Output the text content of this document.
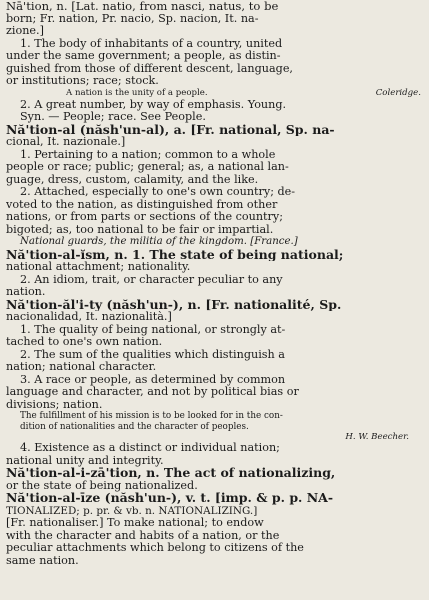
Nā'tion, n. [Lat. natio, from nasci, natus, to be
born; Fr. nation, Pr. nacio, Sp. nacion, It. na-
zione.]
1. The body of inhabitants of a country, united
under the same government; a people, as distin-
guished from those of different descent, language,
or institutions; race; stock.
A nation is the unity of a people.	Coleridge.
2. A great number, by way of emphasis. Young.
Syn. — People; race. See People.
Nă'tion-al (năsh'un-al), a. [Fr. national, Sp. na-
cional, It. nazionale.]
1. Pertaining to a nation; common to a whole
people or race; public; general; as, a national lan-
guage, dress, custom, calamity, and the like.
2. Attached, especially to one's own country; de-
voted to the nation, as distinguished from other
nations, or from parts or sections of the country;
bigoted; as, too national to be fair or impartial.
National guards, the militia of the kingdom. [France.]
Nă'tion-al-ĭsm, n. 1. The state of being national;
national attachment; nationality.
2. An idiom, trait, or character peculiar to any
nation.
Nă'tion-ăl'i-ty (năsh'un-), n. [Fr. nationalité, Sp.
nacionalidad, It. nazionalità.]
1. The quality of being national, or strongly at-
tached to one's own nation.
2. The sum of the qualities which distinguish a
nation; national character.
3. A race or people, as determined by common
language and character, and not by political bias or
divisions; nation.
The fulfillment of his mission is to be looked for in the con-
dition of nationalities and the character of peoples.
H. W. Beecher.
4. Existence as a distinct or individual nation;
national unity and integrity.
Nă'tion-al-i-zā'tion, n. The act of nationalizing,
or the state of being nationalized.
Nă'tion-al-īze (năsh'un-), v. t. [imp. & p. p. NA-
TIONALIZED; p. pr. & vb. n. NATIONALIZING.]
[Fr. nationaliser.] To make national; to endow
with the character and habits of a nation, or the
peculiar attachments which belong to citizens of the
same nation.
